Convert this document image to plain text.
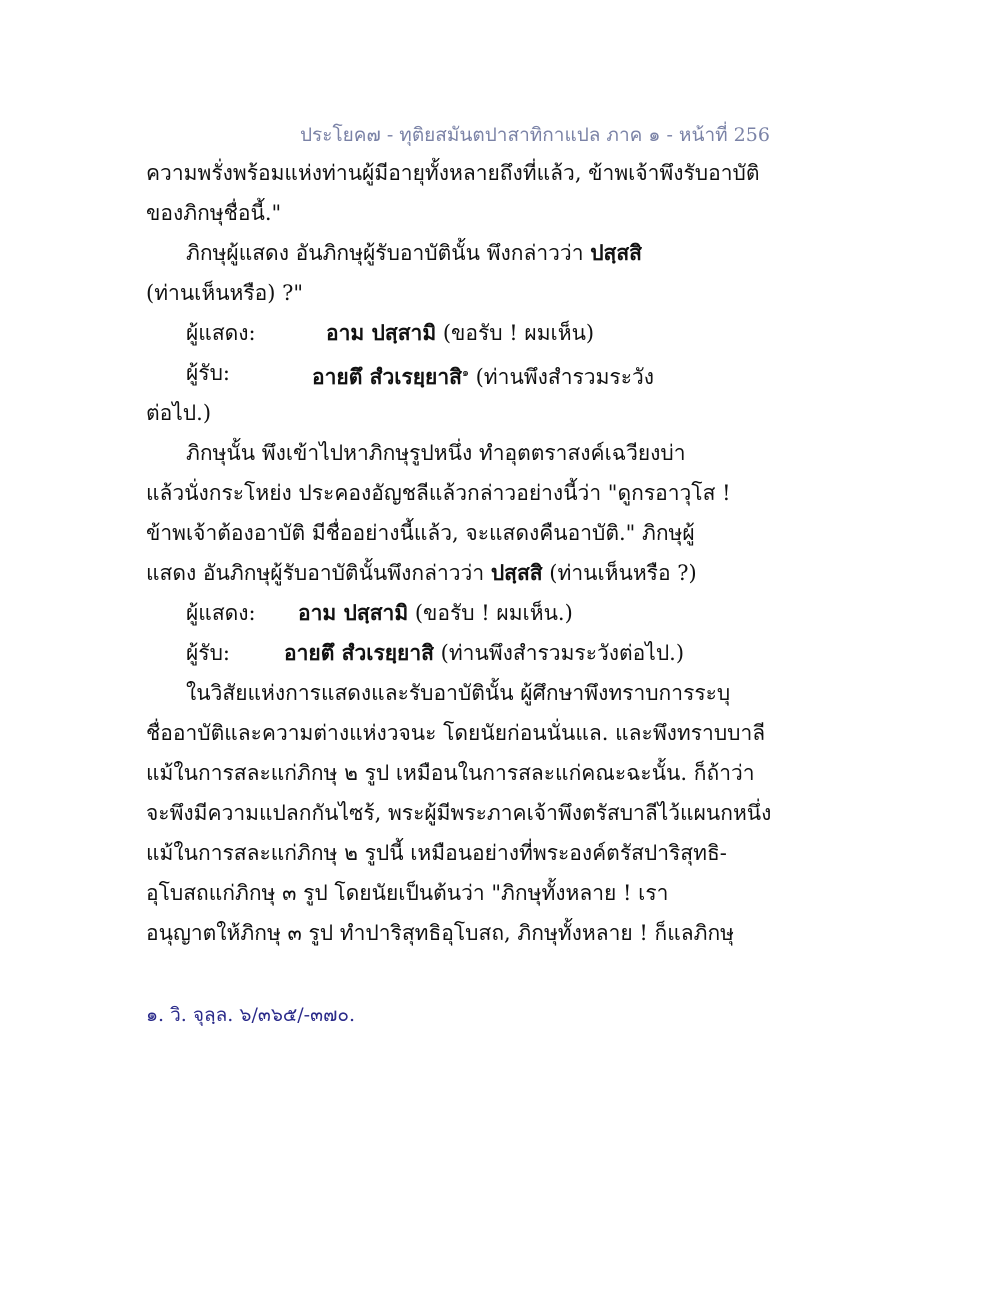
ประโยค๗ - ทุติยสมันตปาสาทิกาแปล ภาค ๑ - หน้าที่ 256
ความพรั่งพร้อมแห่งท่านผู้มีอายุทั้งหลายถึงที่แล้ว, ข้าพเจ้าพึงรับอาบัติ
ของภิกษุชื่อนี้."
ภิกษุผู้แสดง อันภิกษุผู้รับอาบัตินั้น พึงกล่าวว่า ปสฺสสิ
(ท่านเห็นหรือ) ?"
ผู้แสดง:	อาม ปสฺสามิ (ขอรับ ! ผมเห็น)
ผู้รับ:	อายตึ สํวเรยฺยาสิ$^๑$ (ท่านพึงสำรวมระวัง
ต่อไป.)
ภิกษุนั้น พึงเข้าไปหาภิกษุรูปหนึ่ง ทำอุตตราสงค์เฉวียงบ่า
แล้วนั่งกระโหย่ง ประคองอัญชลีแล้วกล่าวอย่างนี้ว่า "ดูกรอาวุโส !
ข้าพเจ้าต้องอาบัติ มีชื่ออย่างนี้แล้ว, จะแสดงคืนอาบัติ." ภิกษุผู้
แสดง อันภิกษุผู้รับอาบัตินั้นพึงกล่าวว่า ปสฺสสิ (ท่านเห็นหรือ ?)
ผู้แสดง: อาม ปสฺสามิ (ขอรับ ! ผมเห็น.)
ผู้รับ:	อายตึ สํวเรยฺยาสิ (ท่านพึงสำรวมระวังต่อไป.)
ในวิสัยแห่งการแสดงและรับอาบัตินั้น ผู้ศึกษาพึงทราบการระบุ
ชื่ออาบัติและความต่างแห่งวจนะ โดยนัยก่อนนั่นแล. และพึงทราบบาลี
แม้ในการสละแก่ภิกษุ ๒ รูป เหมือนในการสละแก่คณะฉะนั้น. ก็ถ้าว่า
จะพึงมีความแปลกกันไซร้, พระผู้มีพระภาคเจ้าพึงตรัสบาลีไว้แผนกหนึ่ง
แม้ในการสละแก่ภิกษุ ๒ รูปนี้ เหมือนอย่างที่พระองค์ตรัสปาริสุทธิ-
อุโบสถแก่ภิกษุ ๓ รูป โดยนัยเป็นต้นว่า "ภิกษุทั้งหลาย ! เรา
อนุญาตให้ภิกษุ ๓ รูป ทำปาริสุทธิอุโบสถ, ภิกษุทั้งหลาย ! ก็แลภิกษุ
๑. วิ. จุลฺล. ๖/๓๖๕/-๓๗๐.
